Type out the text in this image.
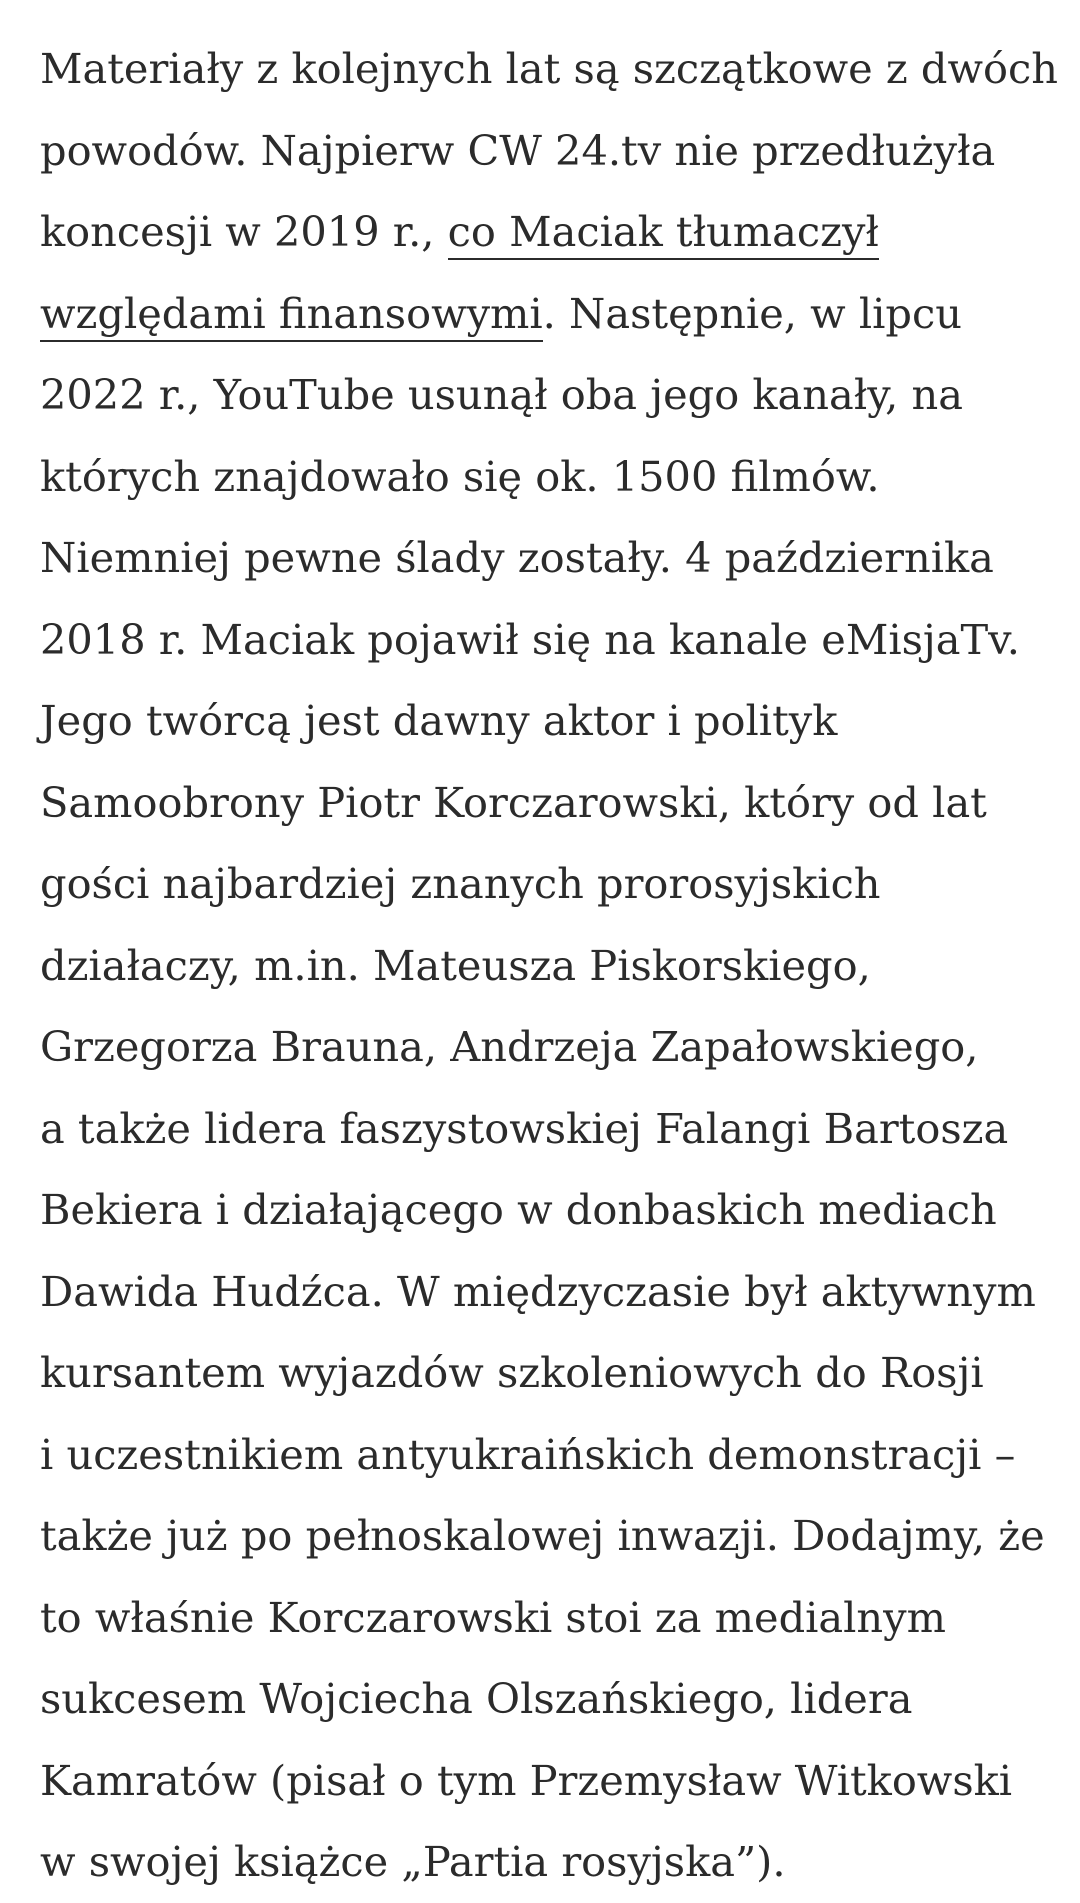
Materiały z kolejnych lat są szczątkowe z dwóch
powodów. Najpierw CW 24.tv nie przedłużyła
koncesji w 2019 r., co Maciak tłumaczył
względami finansowymi. Następnie, w lipcu
2022 r., YouTube usunął oba jego kanały, na
których znajdowało się ok. 1500 filmów.
Niemniej pewne ślady zostały. 4 października
2018 r. Maciak pojawił się na kanale eMisjaTv.
Jego twórcą jest dawny aktor i polityk
Samoobrony Piotr Korczarowski, który od lat
gości najbardziej znanych prorosyjskich
działaczy, m.in. Mateusza Piskorskiego,
Grzegorza Brauna, Andrzeja Zapałowskiego,
a także lidera faszystowskiej Falangi Bartosza
Bekiera i działającego w donbaskich mediach
Dawida Hudźca. W międzyczasie był aktywnym
kursantem wyjazdów szkoleniowych do Rosji
i uczestnikiem antyukraińskich demonstracji –
także już po pełnoskalowej inwazji. Dodajmy, że
to właśnie Korczarowski stoi za medialnym
sukcesem Wojciecha Olszańskiego, lidera
Kamratów (pisał o tym Przemysław Witkowski
w swojej książce „Partia rosyjska”).
